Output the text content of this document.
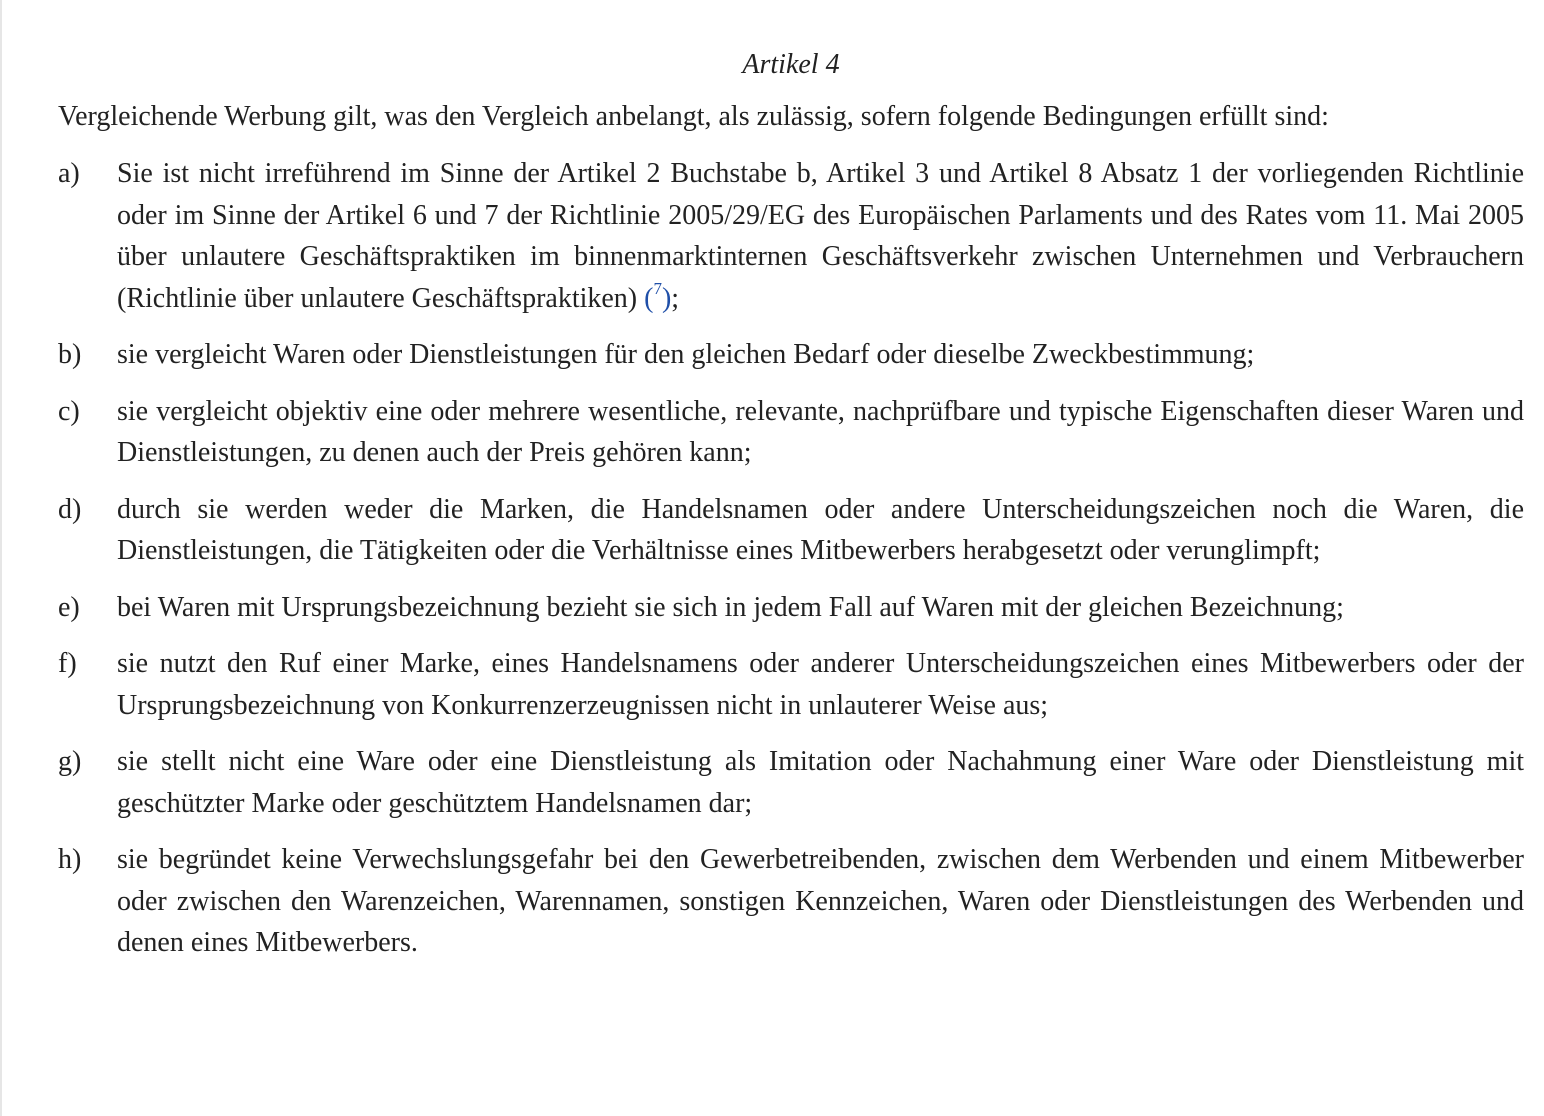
Artikel 4
Vergleichende Werbung gilt, was den Vergleich anbelangt, als zulässig, sofern folgende Bedingungen erfüllt sind:
a)	Sie ist nicht irreführend im Sinne der Artikel 2 Buchstabe b, Artikel 3 und Artikel 8 Absatz 1 der vorliegenden Richtlinie oder im Sinne der Artikel 6 und 7 der Richtlinie 2005/29/EG des Europäischen Parlaments und des Rates vom 11. Mai 2005 über unlautere Geschäftspraktiken im binnenmarktinternen Geschäftsverkehr zwischen Unternehmen und Verbrauchern (Richtlinie über unlautere Geschäftspraktiken) ($^7$);
b)	sie vergleicht Waren oder Dienstleistungen für den gleichen Bedarf oder dieselbe Zweckbestimmung;
c)	sie vergleicht objektiv eine oder mehrere wesentliche, relevante, nachprüfbare und typische Eigenschaften dieser Waren und Dienstleistungen, zu denen auch der Preis gehören kann;
d)	durch sie werden weder die Marken, die Handelsnamen oder andere Unterscheidungszeichen noch die Waren, die Dienstleistungen, die Tätigkeiten oder die Verhältnisse eines Mitbewerbers herabgesetzt oder verunglimpft;
e)	bei Waren mit Ursprungsbezeichnung bezieht sie sich in jedem Fall auf Waren mit der gleichen Bezeichnung;
f)	sie nutzt den Ruf einer Marke, eines Handelsnamens oder anderer Unterscheidungszeichen eines Mitbewerbers oder der Ursprungsbezeichnung von Konkurrenzerzeugnissen nicht in unlauterer Weise aus;
g)	sie stellt nicht eine Ware oder eine Dienstleistung als Imitation oder Nachahmung einer Ware oder Dienstleistung mit geschützter Marke oder geschütztem Handelsnamen dar;
h)	sie begründet keine Verwechslungsgefahr bei den Gewerbetreibenden, zwischen dem Werbenden und einem Mitbewerber oder zwischen den Warenzeichen, Warennamen, sonstigen Kennzeichen, Waren oder Dienstleistungen des Werbenden und denen eines Mitbewerbers.
